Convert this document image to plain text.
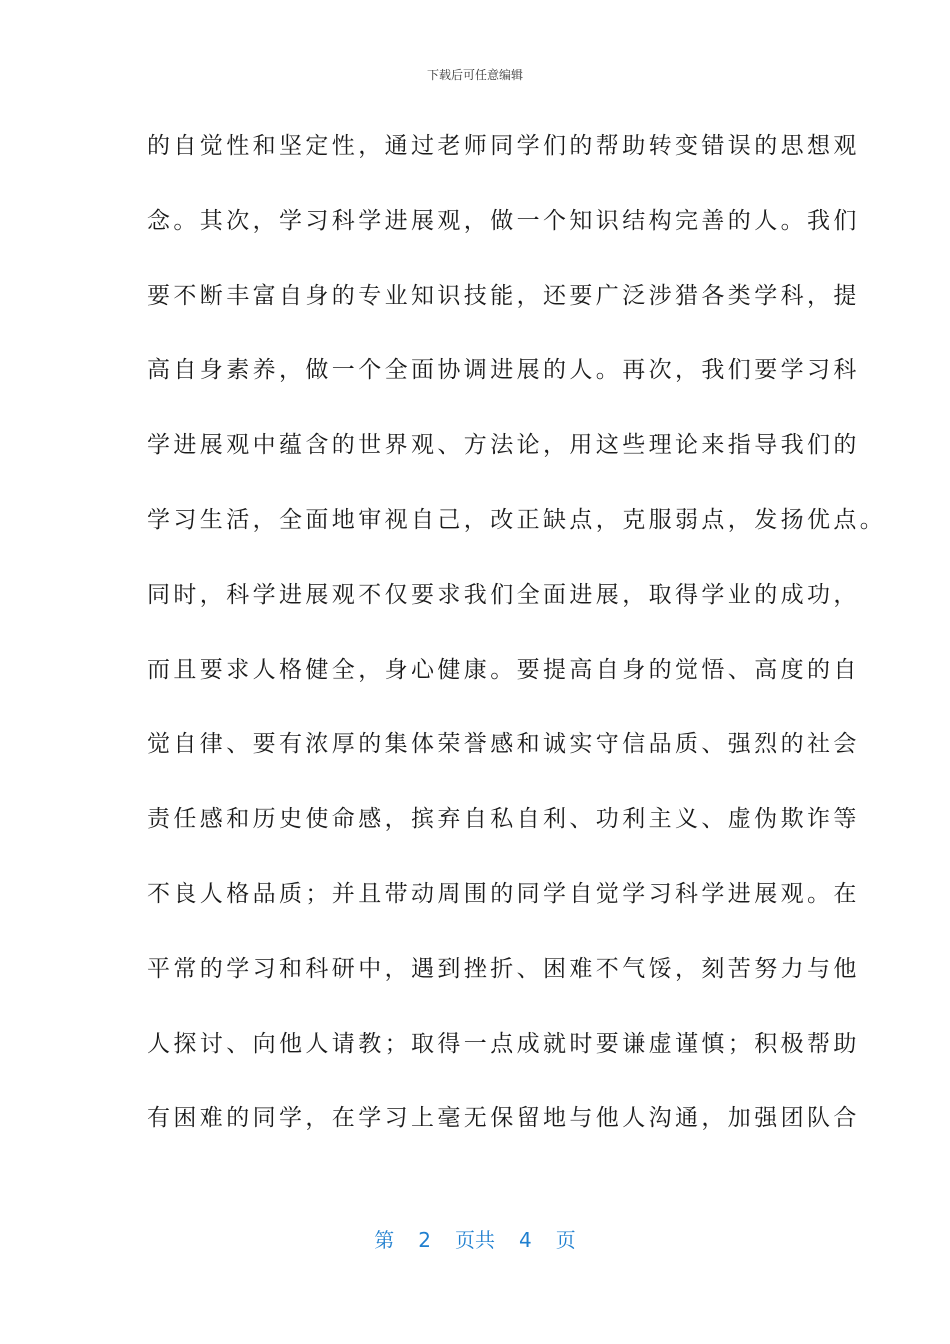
下载后可任意编辑
的自觉性和坚定性，通过老师同学们的帮助转变错误的思想观
念。其次，学习科学进展观，做一个知识结构完善的人。我们
要不断丰富自身的专业知识技能，还要广泛涉猎各类学科，提
高自身素养，做一个全面协调进展的人。再次，我们要学习科
学进展观中蕴含的世界观、方法论，用这些理论来指导我们的
学习生活，全面地审视自己，改正缺点，克服弱点，发扬优点。
同时，科学进展观不仅要求我们全面进展，取得学业的成功，
而且要求人格健全，身心健康。要提高自身的觉悟、高度的自
觉自律、要有浓厚的集体荣誉感和诚实守信品质、强烈的社会
责任感和历史使命感，摈弃自私自利、功利主义、虚伪欺诈等
不良人格品质；并且带动周围的同学自觉学习科学进展观。在
平常的学习和科研中，遇到挫折、困难不气馁，刻苦努力与他
人探讨、向他人请教；取得一点成就时要谦虚谨慎；积极帮助
有困难的同学，在学习上毫无保留地与他人沟通，加强团队合
第 2 页共 4 页
